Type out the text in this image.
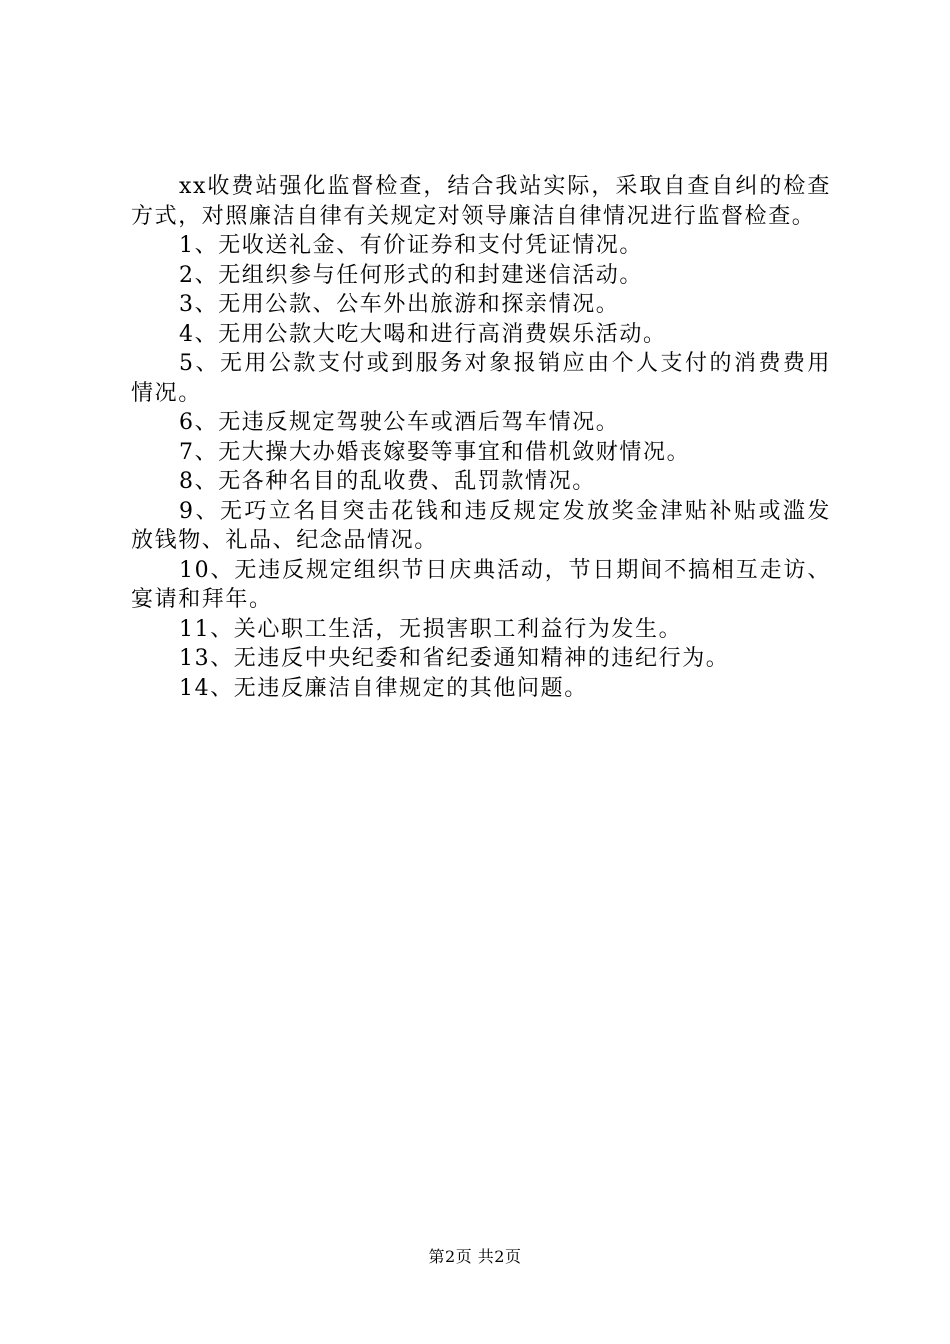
xx收费站强化监督检查，结合我站实际，采取自查自纠的检查方式，对照廉洁自律有关规定对领导廉洁自律情况进行监督检查。

1、无收送礼金、有价证券和支付凭证情况。

2、无组织参与任何形式的和封建迷信活动。

3、无用公款、公车外出旅游和探亲情况。

4、无用公款大吃大喝和进行高消费娱乐活动。

5、无用公款支付或到服务对象报销应由个人支付的消费费用情况。

6、无违反规定驾驶公车或酒后驾车情况。

7、无大操大办婚丧嫁娶等事宜和借机敛财情况。

8、无各种名目的乱收费、乱罚款情况。

9、无巧立名目突击花钱和违反规定发放奖金津贴补贴或滥发放钱物、礼品、纪念品情况。

10、无违反规定组织节日庆典活动，节日期间不搞相互走访、宴请和拜年。

11、关心职工生活，无损害职工利益行为发生。

13、无违反中央纪委和省纪委通知精神的违纪行为。

14、无违反廉洁自律规定的其他问题。

第2页 共2页
